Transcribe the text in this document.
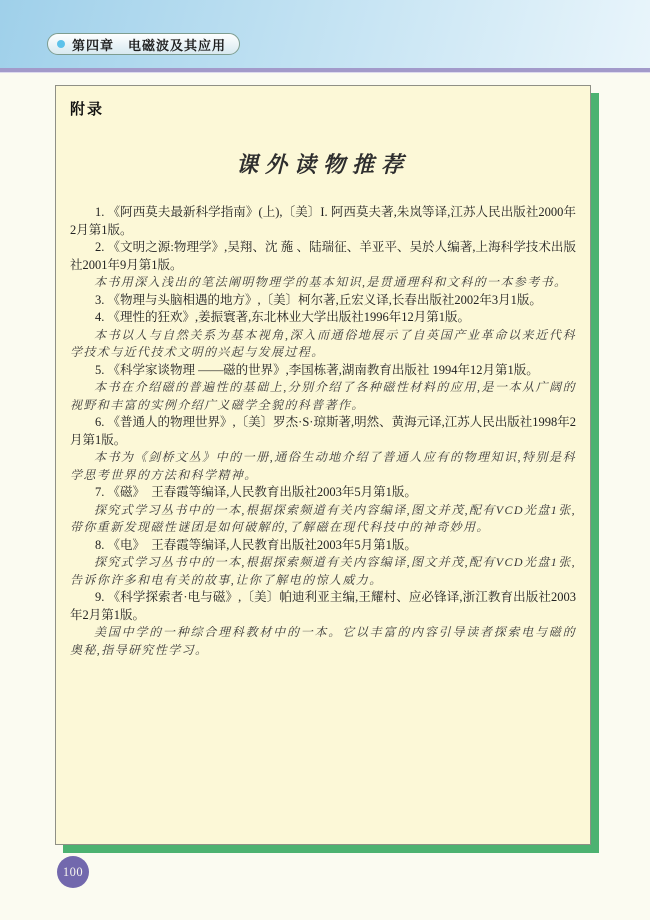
第四章　电磁波及其应用
附录
课外读物推荐

1. 《阿西莫夫最新科学指南》(上),〔美〕I. 阿西莫夫著,朱岚等译,江苏人民出版社2000年2月第1版。

2. 《文明之源:物理学》,吴翔、沈 葹 、陆瑞征、羊亚平、吴於人编著,上海科学技术出版社2001年9月第1版。

本书用深入浅出的笔法阐明物理学的基本知识,是贯通理科和文科的一本参考书。

3. 《物理与头脑相遇的地方》,〔美〕柯尔著,丘宏义译,长春出版社2002年3月1版。

4. 《理性的狂欢》,姜振寰著,东北林业大学出版社1996年12月第1版。

本书以人与自然关系为基本视角,深入而通俗地展示了自英国产业革命以来近代科学技术与近代技术文明的兴起与发展过程。

5. 《科学家谈物理 ——磁的世界》,李国栋著,湖南教育出版社 1994年12月第1版。

本书在介绍磁的普遍性的基础上,分别介绍了各种磁性材料的应用,是一本从广阔的视野和丰富的实例介绍广义磁学全貌的科普著作。

6. 《普通人的物理世界》,〔美〕罗杰·S·琼斯著,明然、黄海元译,江苏人民出版社1998年2月第1版。

本书为《剑桥文丛》中的一册,通俗生动地介绍了普通人应有的物理知识,特别是科学思考世界的方法和科学精神。

7. 《磁》　王春霞等编译,人民教育出版社2003年5月第1版。

探究式学习丛书中的一本,根据探索频道有关内容编译,图文并茂,配有VCD光盘1张,带你重新发现磁性谜团是如何破解的,了解磁在现代科技中的神奇妙用。

8. 《电》　王春霞等编译,人民教育出版社2003年5月第1版。

探究式学习丛书中的一本,根据探索频道有关内容编译,图文并茂,配有VCD光盘1张,告诉你许多和电有关的故事,让你了解电的惊人威力。

9. 《科学探索者·电与磁》,〔美〕帕迪利亚主编,王耀村、应必锋译,浙江教育出版社2003年2月第1版。

美国中学的一种综合理科教材中的一本。它以丰富的内容引导读者探索电与磁的奥秘,指导研究性学习。

100
